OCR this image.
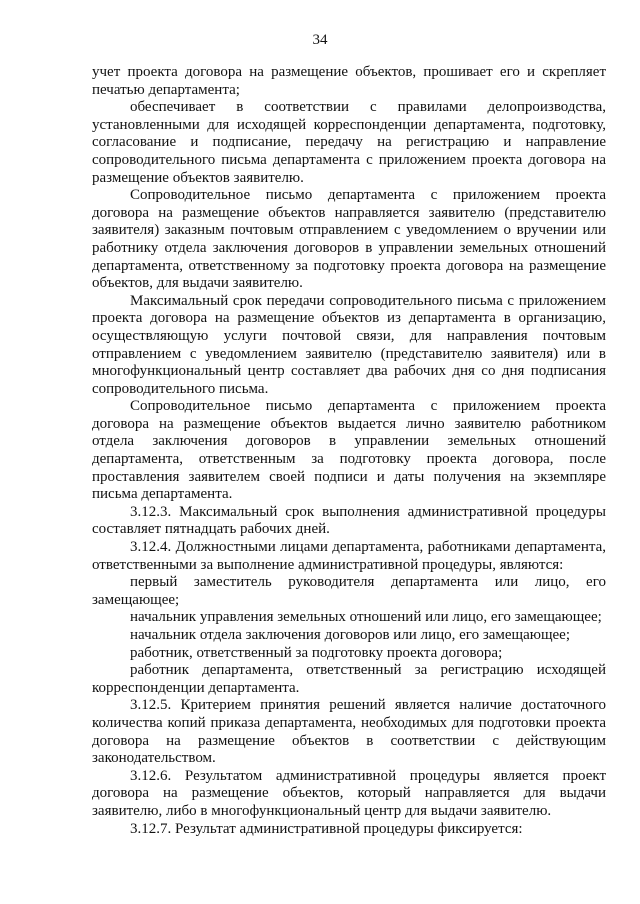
34

учет проекта договора на размещение объектов, прошивает его и скрепляет печатью департамента;

обеспечивает в соответствии с правилами делопроизводства, установленными для исходящей корреспонденции департамента, подготовку, согласование и подписание, передачу на регистрацию и направление сопроводительного письма департамента с приложением проекта договора на размещение объектов заявителю.

Сопроводительное письмо департамента с приложением проекта договора на размещение объектов направляется заявителю (представителю заявителя) заказным почтовым отправлением с уведомлением о вручении или работнику отдела заключения договоров в управлении земельных отношений департамента, ответственному за подготовку проекта договора на размещение объектов, для выдачи заявителю.

Максимальный срок передачи сопроводительного письма с приложением проекта договора на размещение объектов из департамента в организацию, осуществляющую услуги почтовой связи, для направления почтовым отправлением с уведомлением заявителю (представителю заявителя) или в многофункциональный центр составляет два рабочих дня со дня подписания сопроводительного письма.

Сопроводительное письмо департамента с приложением проекта договора на размещение объектов выдается лично заявителю работником отдела заключения договоров в управлении земельных отношений департамента, ответственным за подготовку проекта договора, после проставления заявителем своей подписи и даты получения на экземпляре письма департамента.

3.12.3. Максимальный срок выполнения административной процедуры составляет пятнадцать рабочих дней.

3.12.4. Должностными лицами департамента, работниками департамента, ответственными за выполнение административной процедуры, являются:

первый заместитель руководителя департамента или лицо, его замещающее;

начальник управления земельных отношений или лицо, его замещающее;

начальник отдела заключения договоров или лицо, его замещающее;

работник, ответственный за подготовку проекта договора;

работник департамента, ответственный за регистрацию исходящей корреспонденции департамента.

3.12.5. Критерием принятия решений является наличие достаточного количества копий приказа департамента, необходимых для подготовки проекта договора на размещение объектов в соответствии с действующим законодательством.

3.12.6. Результатом административной процедуры является проект договора на размещение объектов, который направляется для выдачи заявителю, либо в многофункциональный центр для выдачи заявителю.

3.12.7. Результат административной процедуры фиксируется:
